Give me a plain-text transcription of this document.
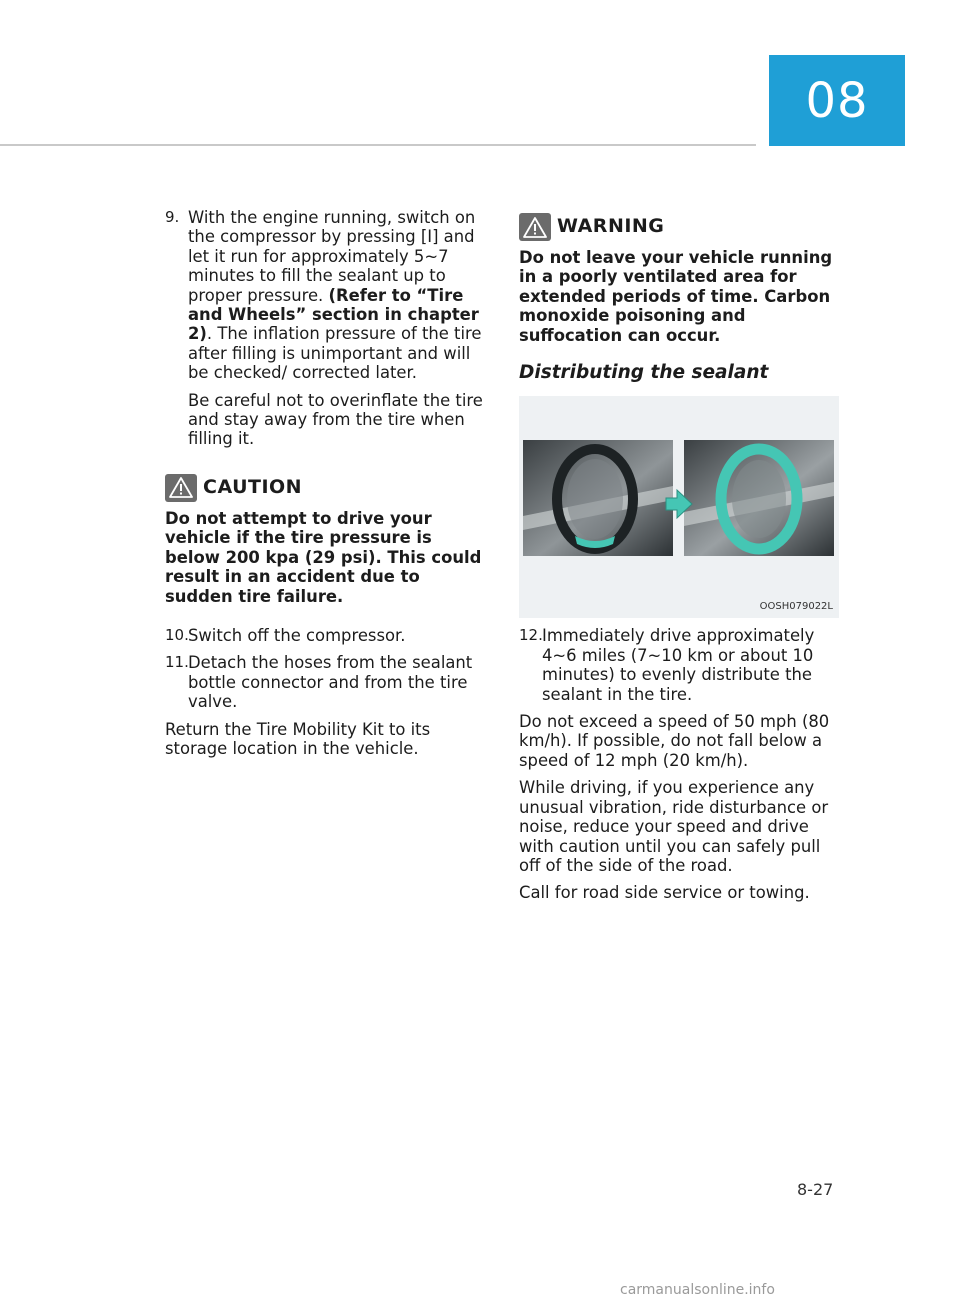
08
9. With the engine running, switch on the compressor by pressing [I] and let it run for approximately 5~7 minutes to fill the sealant up to proper pressure. (Refer to “Tire and Wheels” section in chapter 2). The inflation pressure of the tire after filling is unimportant and will be checked/ corrected later.

Be careful not to overinflate the tire and stay away from the tire when filling it.

CAUTION

Do not attempt to drive your vehicle if the tire pressure is below 200 kpa (29 psi). This could result in an accident due to sudden tire failure.

10. Switch off the compressor.
11. Detach the hoses from the sealant bottle connector and from the tire valve.

Return the Tire Mobility Kit to its storage location in the vehicle.

WARNING

Do not leave your vehicle running in a poorly ventilated area for extended periods of time. Carbon monoxide poisoning and suffocation can occur.

Distributing the sealant
OOSH079022L
12. Immediately drive approximately 4~6 miles (7~10 km or about 10 minutes) to evenly distribute the sealant in the tire.

Do not exceed a speed of 50 mph (80 km/h). If possible, do not fall below a speed of 12 mph (20 km/h).

While driving, if you experience any unusual vibration, ride disturbance or noise, reduce your speed and drive with caution until you can safely pull off of the side of the road.

Call for road side service or towing.

8-27
carmanualsonline.info
